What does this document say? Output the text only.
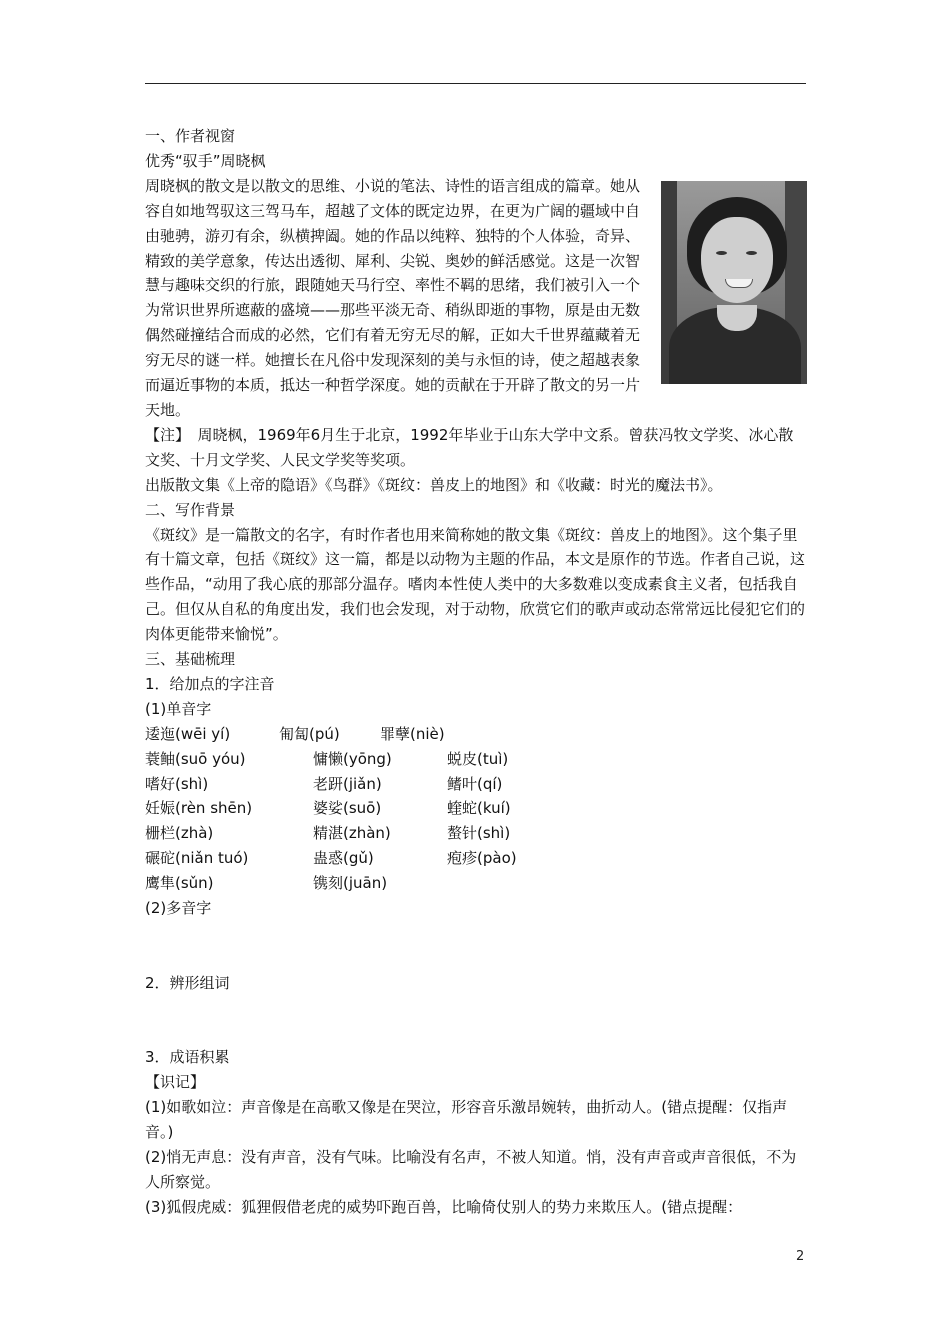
一、作者视窗

优秀“驭手”周晓枫

周晓枫的散文是以散文的思维、小说的笔法、诗性的语言组成的篇章。她从容自如地驾驭这三驾马车，超越了文体的既定边界，在更为广阔的疆域中自由驰骋，游刃有余，纵横捭阖。她的作品以纯粹、独特的个人体验，奇异、精致的美学意象，传达出透彻、犀利、尖锐、奥妙的鲜活感觉。这是一次智慧与趣味交织的行旅，跟随她天马行空、率性不羁的思绪，我们被引入一个为常识世界所遮蔽的盛境——那些平淡无奇、稍纵即逝的事物，原是由无数偶然碰撞结合而成的必然，它们有着无穷无尽的解，正如大千世界蕴藏着无穷无尽的谜一样。她擅长在凡俗中发现深刻的美与永恒的诗，使之超越表象而逼近事物的本质，抵达一种哲学深度。她的贡献在于开辟了散文的另一片天地。

【注】　周晓枫，1969年6月生于北京，1992年毕业于山东大学中文系。曾获冯牧文学奖、冰心散文奖、十月文学奖、人民文学奖等奖项。

出版散文集《上帝的隐语》《鸟群》《斑纹：兽皮上的地图》和《收藏：时光的魔法书》。

二、写作背景

《斑纹》是一篇散文的名字，有时作者也用来简称她的散文集《斑纹：兽皮上的地图》。这个集子里有十篇文章，包括《斑纹》这一篇，都是以动物为主题的作品，本文是原作的节选。作者自己说，这些作品，“动用了我心底的那部分温存。嗜肉本性使人类中的大多数难以变成素食主义者，包括我自己。但仅从自私的角度出发，我们也会发现，对于动物，欣赏它们的歌声或动态常常远比侵犯它们的肉体更能带来愉悦”。

三、基础梳理

1．给加点的字注音

(1)单音字

逶迤(wēi yí)	匍匐(pú)	罪孽(niè)
蓑鲉(suō yóu)	慵懒(yōng)	蜕皮(tuì)
嗜好(shì)	老趼(jiǎn)	鳍叶(qí)
妊娠(rèn shēn)	婆娑(suō)	蝰蛇(kuí)
栅栏(zhà)	精湛(zhàn)	螯针(shì)
碾砣(niǎn tuó)	蛊惑(gǔ)	疱疹(pào)
鹰隼(sǔn)	镌刻(juān)

(2)多音字

2．辨形组词

3．成语积累

【识记】

(1)如歌如泣：声音像是在高歌又像是在哭泣，形容音乐激昂婉转，曲折动人。(错点提醒：仅指声音。)

(2)悄无声息：没有声音，没有气味。比喻没有名声，不被人知道。悄，没有声音或声音很低，不为人所察觉。

(3)狐假虎威：狐狸假借老虎的威势吓跑百兽，比喻倚仗别人的势力来欺压人。(错点提醒：

2
